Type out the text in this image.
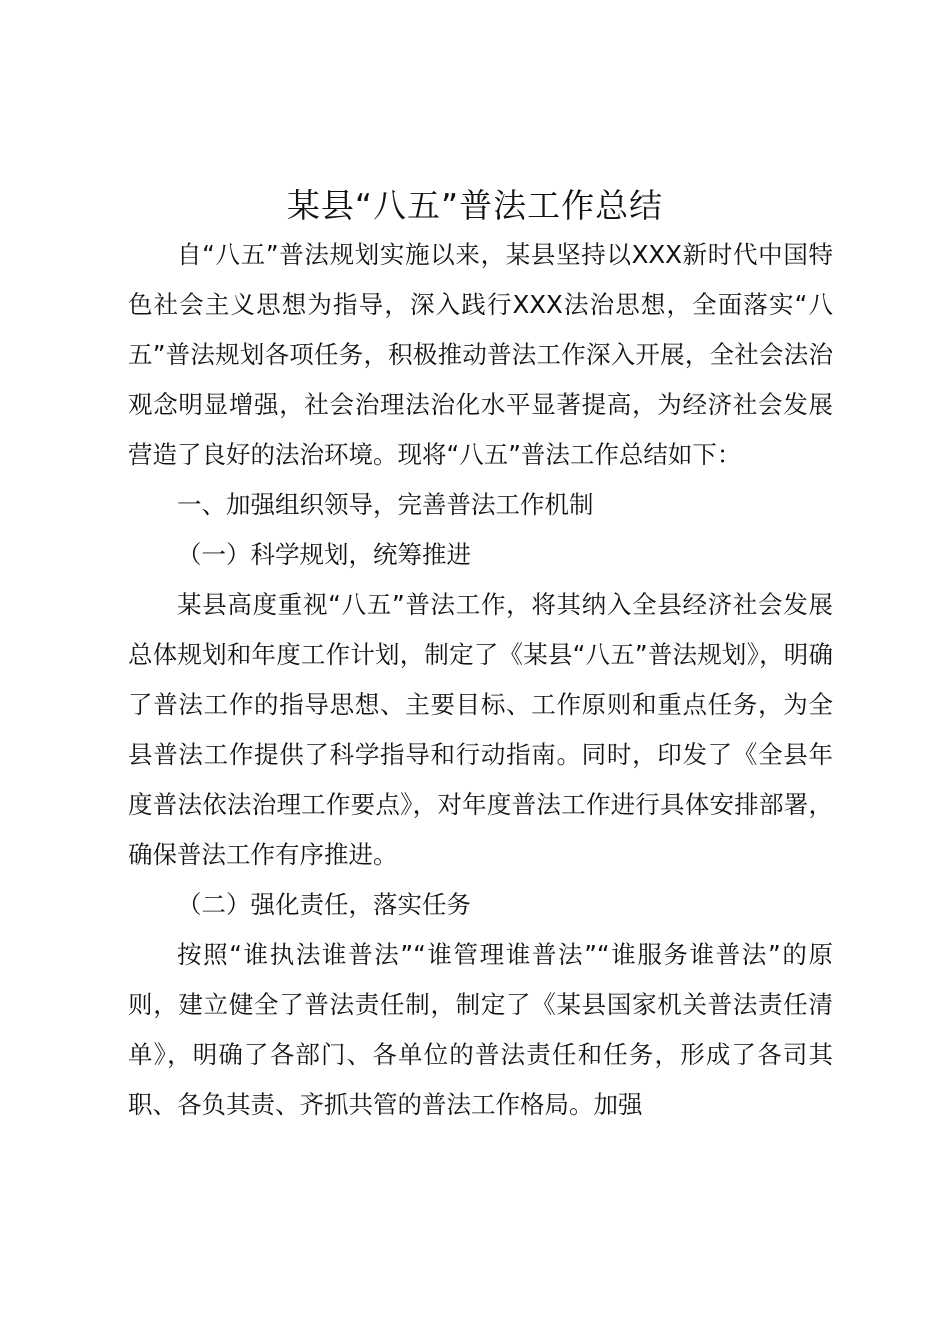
某县“八五”普法工作总结

自“八五”普法规划实施以来，某县坚持以XXX新时代中国特色社会主义思想为指导，深入践行XXX法治思想，全面落实“八五”普法规划各项任务，积极推动普法工作深入开展，全社会法治观念明显增强，社会治理法治化水平显著提高，为经济社会发展营造了良好的法治环境。现将“八五”普法工作总结如下：

一、加强组织领导，完善普法工作机制
（一）科学规划，统筹推进

某县高度重视“八五”普法工作，将其纳入全县经济社会发展总体规划和年度工作计划，制定了《某县“八五”普法规划》，明确了普法工作的指导思想、主要目标、工作原则和重点任务，为全县普法工作提供了科学指导和行动指南。同时，印发了《全县年度普法依法治理工作要点》，对年度普法工作进行具体安排部署，确保普法工作有序推进。

（二）强化责任，落实任务

按照“谁执法谁普法”“谁管理谁普法”“谁服务谁普法”的原则，建立健全了普法责任制，制定了《某县国家机关普法责任清单》，明确了各部门、各单位的普法责任和任务，形成了各司其职、各负其责、齐抓共管的普法工作格局。加强
